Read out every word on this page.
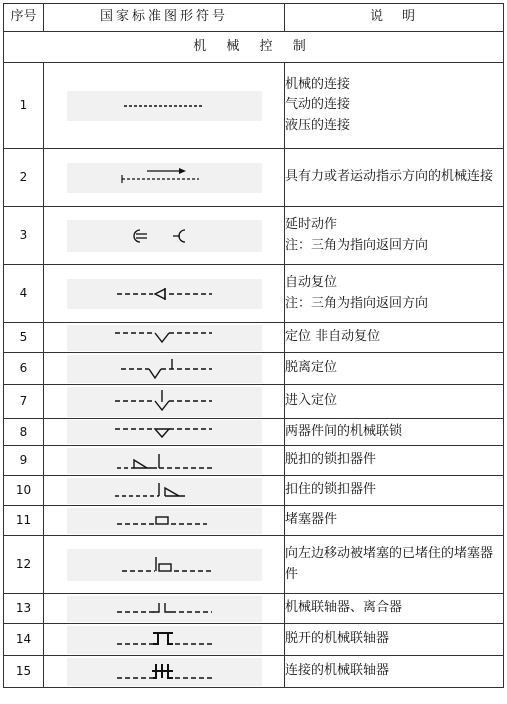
序号	国家标准图形符号	说　明
机 械 控 制		
1		机械的连接
气动的连接
液压的连接

2		具有力或者运动指示方向的机械连接

3		延时动作
注：三角为指向返回方向

4		自动复位
注：三角为指向返回方向

5		定位 非自动复位

6		脱离定位

7		进入定位

8		两器件间的机械联锁

9		脱扣的锁扣器件

10		扣住的锁扣器件

11		堵塞器件

12		向左边移动被堵塞的已堵住的堵塞器件

13		机械联轴器、离合器

14		脱开的机械联轴器

15		连接的机械联轴器
